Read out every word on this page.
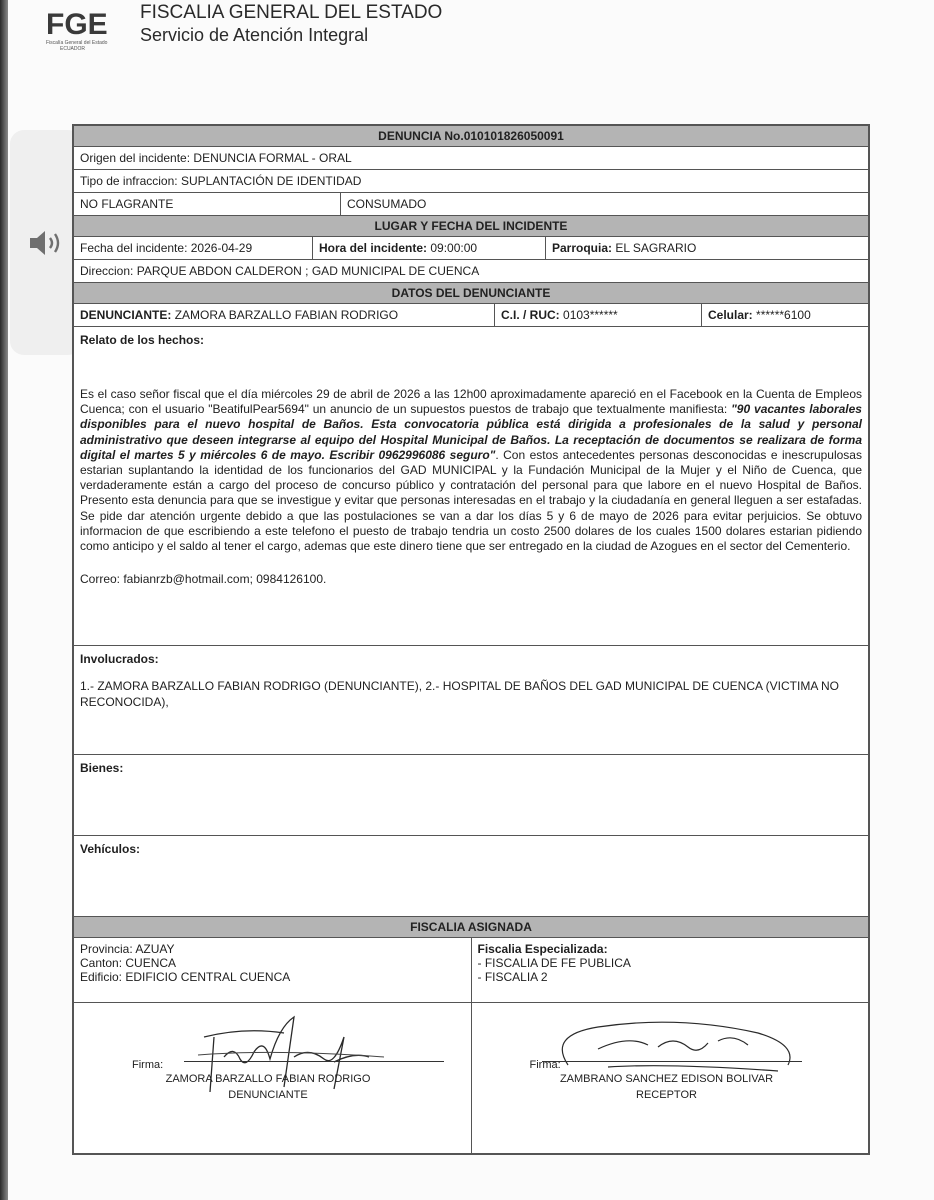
FGE
Fiscalía General del Estado
ECUADOR
FISCALIA GENERAL DEL ESTADO
Servicio de Atención Integral
DENUNCIA No.010101826050091
Origen del incidente: DENUNCIA FORMAL - ORAL
Tipo de infraccion: SUPLANTACIÓN DE IDENTIDAD
NO FLAGRANTE	CONSUMADO
LUGAR Y FECHA DEL INCIDENTE
Fecha del incidente: 2026-04-29	Hora del incidente: 09:00:00	Parroquia: EL SAGRARIO
Direccion: PARQUE ABDON CALDERON ; GAD MUNICIPAL DE CUENCA
DATOS DEL DENUNCIANTE
DENUNCIANTE: ZAMORA BARZALLO FABIAN RODRIGO	C.I. / RUC: 0103******	Celular: ******6100
Relato de los hechos:
Es el caso señor fiscal que el día miércoles 29 de abril de 2026 a las 12h00 aproximadamente apareció en el Facebook en la Cuenta de Empleos Cuenca; con el usuario "BeatifulPear5694" un anuncio de un supuestos puestos de trabajo que textualmente manifiesta: "90 vacantes laborales disponibles para el nuevo hospital de Baños. Esta convocatoria pública está dirigida a profesionales de la salud y personal administrativo que deseen integrarse al equipo del Hospital Municipal de Baños. La receptación de documentos se realizara de forma digital el martes 5 y miércoles 6 de mayo. Escribir 0962996086 seguro". Con estos antecedentes personas desconocidas e inescrupulosas estarian suplantando la identidad de los funcionarios del GAD MUNICIPAL y la Fundación Municipal de la Mujer y el Niño de Cuenca, que verdaderamente están a cargo del proceso de concurso público y contratación del personal para que labore en el nuevo Hospital de Baños. Presento esta denuncia para que se investigue y evitar que personas interesadas en el trabajo y la ciudadanía en general lleguen a ser estafadas. Se pide dar atención urgente debido a que las postulaciones se van a dar los días 5 y 6 de mayo de 2026 para evitar perjuicios. Se obtuvo informacion de que escribiendo a este telefono el puesto de trabajo tendria un costo 2500 dolares de los cuales 1500 dolares estarian pidiendo como anticipo y el saldo al tener el cargo, ademas que este dinero tiene que ser entregado en la ciudad de Azogues en el sector del Cementerio.
Correo: fabianrzb@hotmail.com; 0984126100.
Involucrados:
1.- ZAMORA BARZALLO FABIAN RODRIGO (DENUNCIANTE), 2.- HOSPITAL DE BAÑOS DEL GAD MUNICIPAL DE CUENCA (VICTIMA NO RECONOCIDA),
Bienes:
Vehículos:
FISCALIA ASIGNADA
Provincia: AZUAY
Canton: CUENCA
Edificio: EDIFICIO CENTRAL CUENCA
Fiscalia Especializada:
- FISCALIA DE FE PUBLICA
- FISCALIA 2
Firma:
ZAMORA BARZALLO FABIAN RODRIGO
DENUNCIANTE
Firma:
ZAMBRANO SANCHEZ EDISON BOLIVAR
RECEPTOR
